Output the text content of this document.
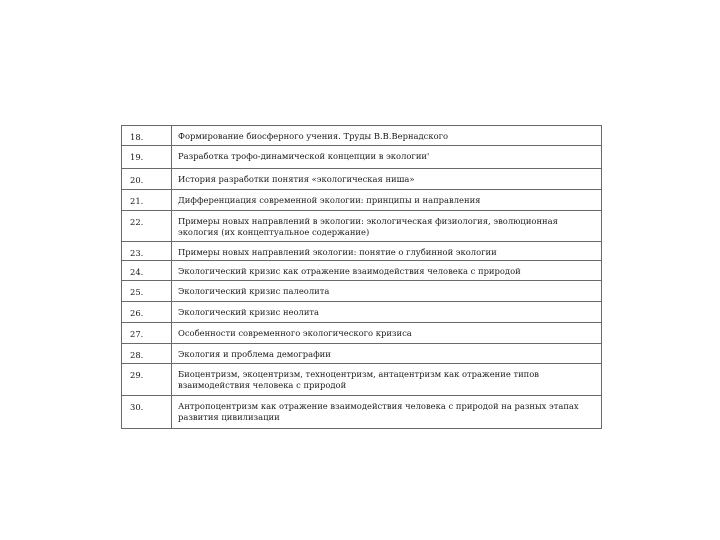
18.	Формирование биосферного учения. Труды В.В.Вернадского
19.	Разработка трофо-динамической концепции в экологии'
20.	История разработки понятия «экологическая ниша»
21.	Дифференциация современной экологии: принципы и направления
22.	Примеры новых направлений в экологии: экологическая физиология, эволюционная экология (их концептуальное содержание)
23.	Примеры новых направлений экологии: понятие о глубинной экологии
24.	Экологический кризис как отражение взаимодействия человека с природой
25.	Экологический кризис палеолита
26.	Экологический кризис неолита
27.	Особенности современного экологического кризиса
28.	Экология и проблема демографии
29.	Биоцентризм, экоцентризм, техноцентризм, антацентризм как отражение типов взаимодействия человека с природой
30.	Антропоцентризм как отражение взаимодействия человека с природой на разных этапах развития цивилизации
